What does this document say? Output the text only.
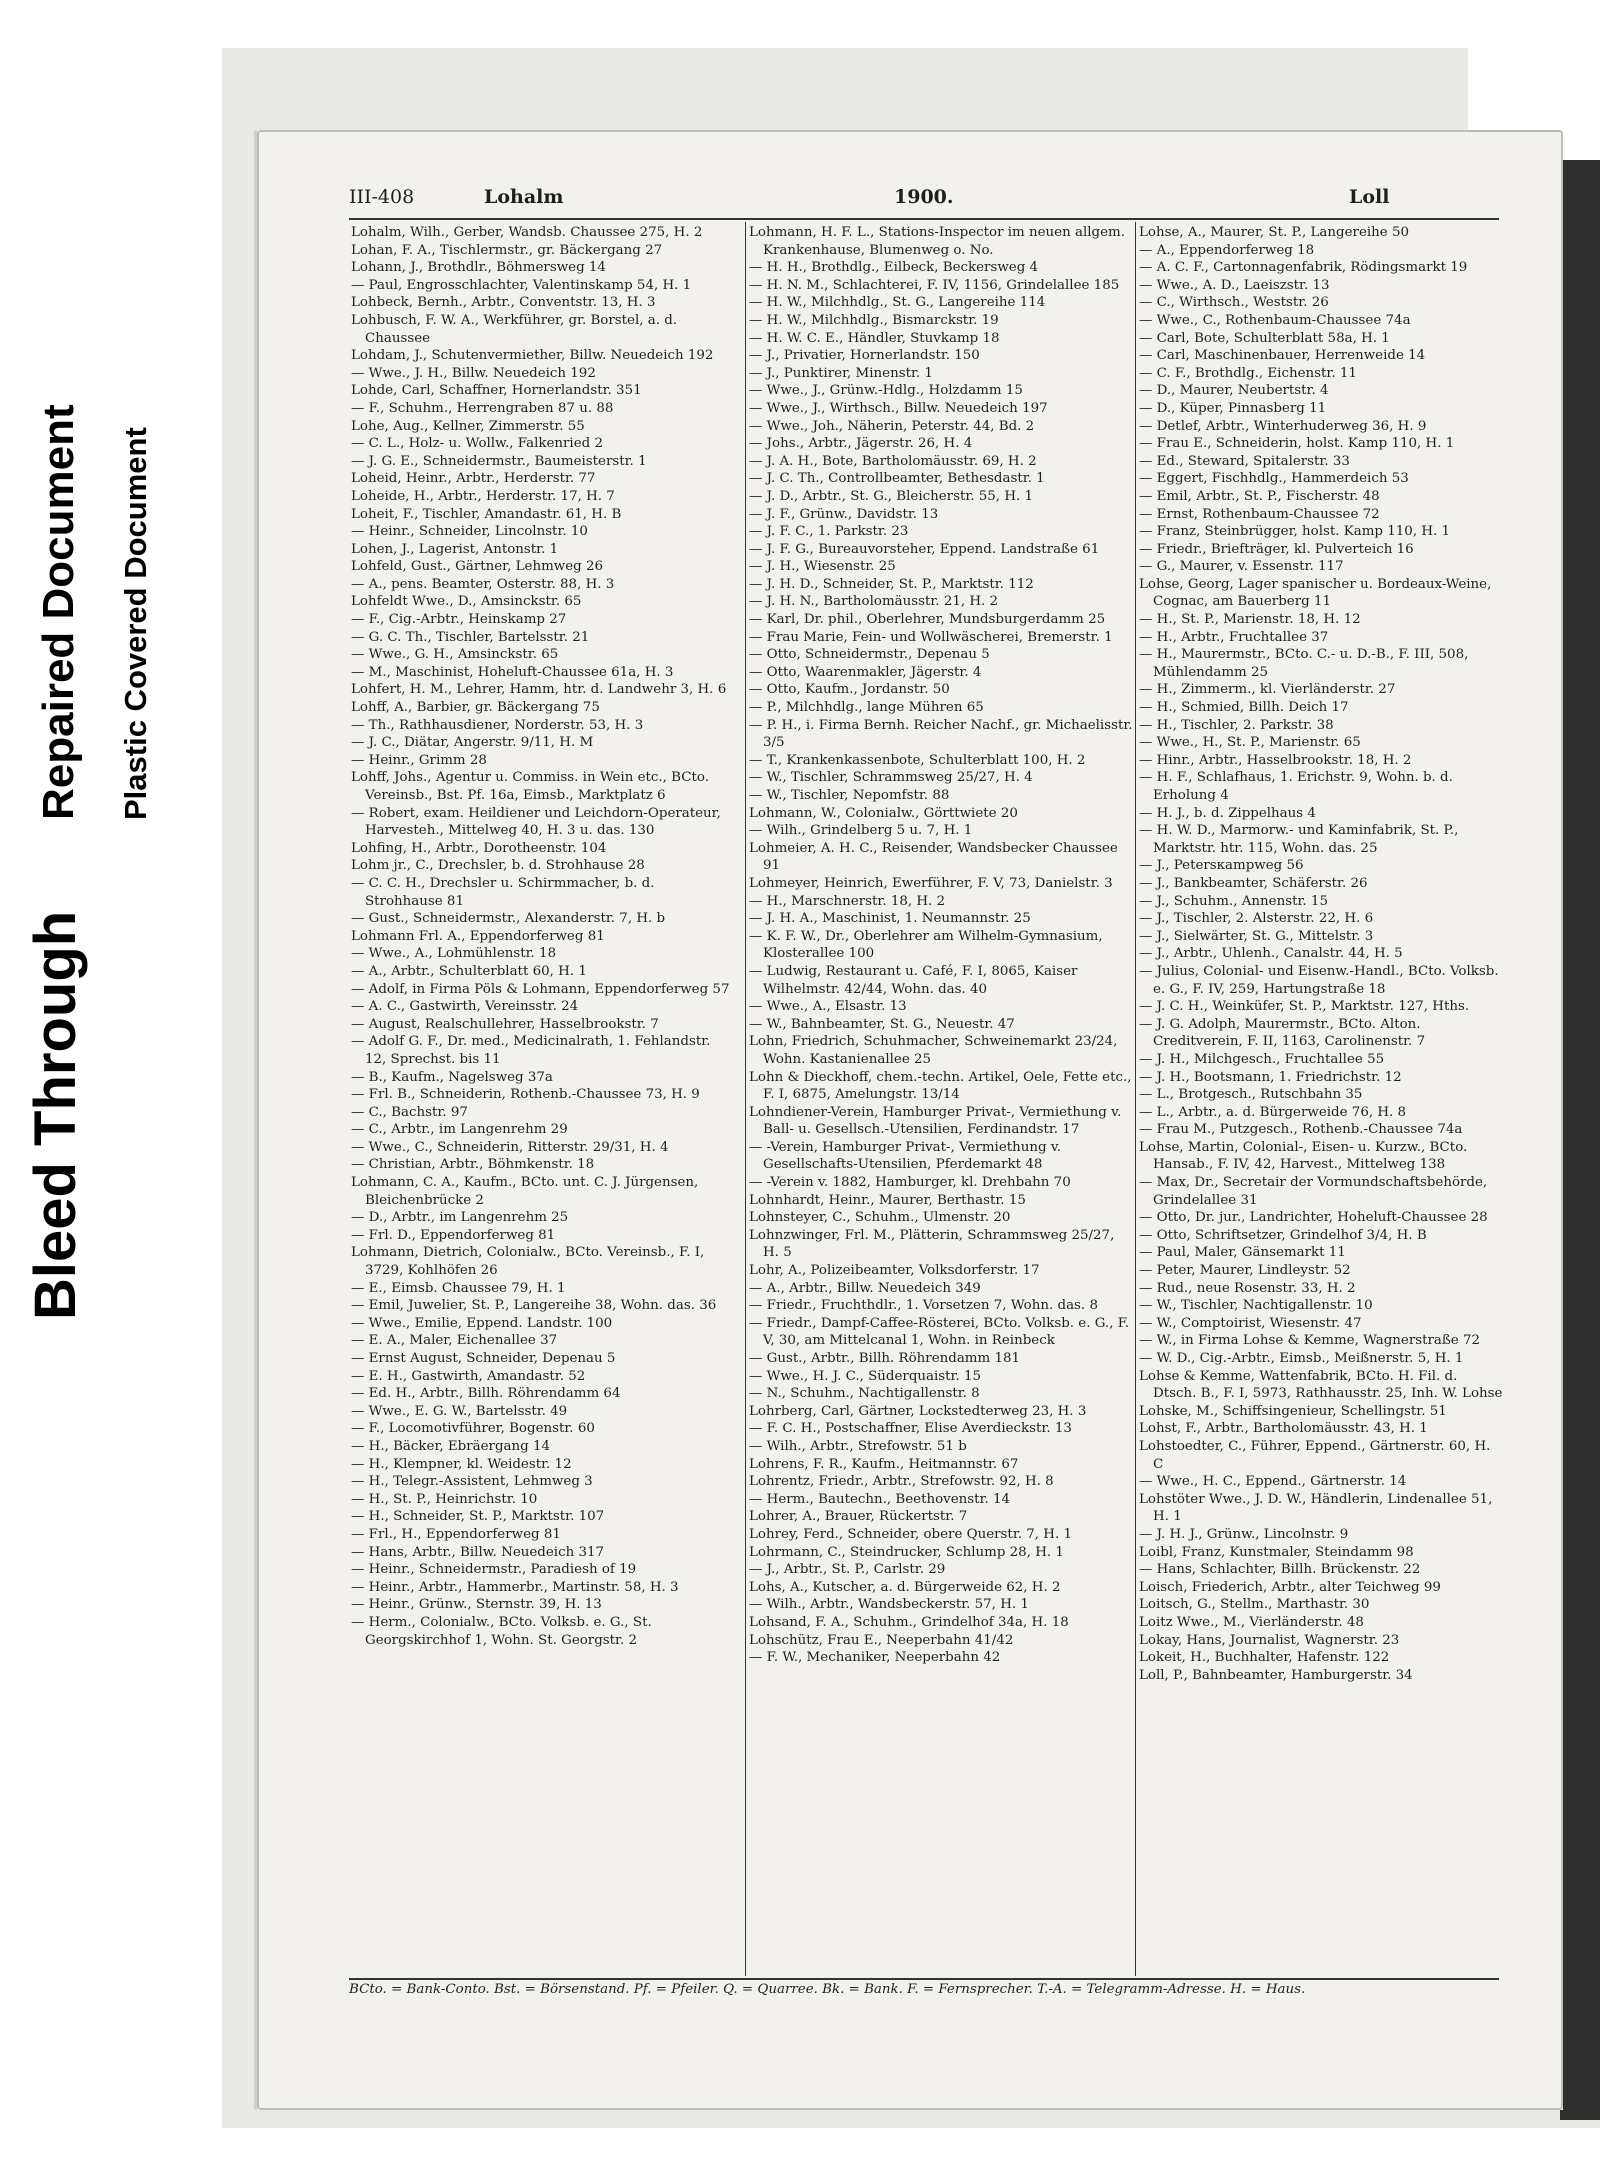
Bleed Through
Repaired Document Plastic Covered Document
III-408	Lohalm	1900.	Loll
Lohalm, Wilh., Gerber, Wandsb. Chaussee 275, H. 2
Lohan, F. A., Tischlermstr., gr. Bäckergang 27
Lohann, J., Brothdlr., Böhmersweg 14
— Paul, Engrosschlachter, Valentinskamp 54, H. 1
Lohbeck, Bernh., Arbtr., Conventstr. 13, H. 3
Lohbusch, F. W. A., Werkführer, gr. Borstel, a. d. Chaussee
Lohdam, J., Schutenvermiether, Billw. Neuedeich 192
— Wwe., J. H., Billw. Neuedeich 192
Lohde, Carl, Schaffner, Hornerlandstr. 351
— F., Schuhm., Herrengraben 87 u. 88
Lohe, Aug., Kellner, Zimmerstr. 55
— C. L., Holz- u. Wollw., Falkenried 2
— J. G. E., Schneidermstr., Baumeisterstr. 1
Loheid, Heinr., Arbtr., Herderstr. 77
Loheide, H., Arbtr., Herderstr. 17, H. 7
Loheit, F., Tischler, Amandastr. 61, H. B
— Heinr., Schneider, Lincolnstr. 10
Lohen, J., Lagerist, Antonstr. 1
Lohfeld, Gust., Gärtner, Lehmweg 26
— A., pens. Beamter, Osterstr. 88, H. 3
Lohfeldt Wwe., D., Amsinckstr. 65
— F., Cig.-Arbtr., Heinskamp 27
— G. C. Th., Tischler, Bartelsstr. 21
— Wwe., G. H., Amsinckstr. 65
— M., Maschinist, Hoheluft-Chaussee 61a, H. 3
Lohfert, H. M., Lehrer, Hamm, htr. d. Landwehr 3, H. 6
Lohff, A., Barbier, gr. Bäckergang 75
— Th., Rathhausdiener, Norderstr. 53, H. 3
— J. C., Diätar, Angerstr. 9/11, H. M
— Heinr., Grimm 28
Lohff, Johs., Agentur u. Commiss. in Wein etc., BCto. Vereinsb., Bst. Pf. 16a, Eimsb., Marktplatz 6
— Robert, exam. Heildiener und Leichdorn-Operateur, Harvestеh., Mittelweg 40, H. 3 u. das. 130
Lohfing, H., Arbtr., Dorotheenstr. 104
Lohm jr., C., Drechsler, b. d. Strohhause 28
— C. C. H., Drechsler u. Schirmmacher, b. d. Strohhause 81
— Gust., Schneidermstr., Alexanderstr. 7, H. b
Lohmann Frl. A., Eppendorferweg 81
— Wwe., A., Lohmühlenstr. 18
— A., Arbtr., Schulterblatt 60, H. 1
— Adolf, in Firma Pöls & Lohmann, Eppendorferweg 57
— A. C., Gastwirth, Vereinsstr. 24
— August, Realschullehrer, Hasselbrookstr. 7
— Adolf G. F., Dr. med., Medicinalrath, 1. Fehlandstr. 12, Sprechst. bis 11
— B., Kaufm., Nagelsweg 37a
— Frl. B., Schneiderin, Rothenb.-Chaussee 73, H. 9
— C., Bachstr. 97
— C., Arbtr., im Langenrehm 29
— Wwe., C., Schneiderin, Ritterstr. 29/31, H. 4
— Christian, Arbtr., Böhmkenstr. 18
Lohmann, C. A., Kaufm., BCto. unt. C. J. Jürgensen, Bleichenbrücke 2
— D., Arbtr., im Langenrehm 25
— Frl. D., Eppendorferweg 81
Lohmann, Dietrich, Colonialw., BCto. Vereinsb., F. I, 3729, Kohlhöfen 26
— E., Eimsb. Chaussee 79, H. 1
— Emil, Juwelier, St. P., Langereihe 38, Wohn. das. 36
— Wwe., Emilie, Eppend. Landstr. 100
— E. A., Maler, Eichenallee 37
— Ernst August, Schneider, Depenau 5
— E. H., Gastwirth, Amandastr. 52
— Ed. H., Arbtr., Billh. Röhrendamm 64
— Wwe., E. G. W., Bartelsstr. 49
— F., Locomotivführer, Bogenstr. 60
— H., Bäcker, Ebräergang 14
— H., Klempner, kl. Weidestr. 12
— H., Telegr.-Assistent, Lehmweg 3
— H., St. P., Heinrichstr. 10
— H., Schneider, St. P., Marktstr. 107
— Frl., H., Eppendorferweg 81
— Hans, Arbtr., Billw. Neuedeich 317
— Heinr., Schneidermstr., Paradiesh of 19
— Heinr., Arbtr., Hammerbr., Martinstr. 58, H. 3
— Heinr., Grünw., Sternstr. 39, H. 13
— Herm., Colonialw., BCto. Volksb. e. G., St. Georgskirchhof 1, Wohn. St. Georgstr. 2
Lohmann, H. F. L., Stations-Inspector im neuen allgem. Krankenhause, Blumenweg o. No.
— H. H., Brothdlg., Eilbeck, Beckersweg 4
— H. N. M., Schlachterei, F. IV, 1156, Grindelallee 185
— H. W., Milchhdlg., St. G., Langereihe 114
— H. W., Milchhdlg., Bismarckstr. 19
— H. W. C. E., Händler, Stuvkamp 18
— J., Privatier, Hornerlandstr. 150
— J., Punktirer, Minenstr. 1
— Wwe., J., Grünw.-Hdlg., Holzdamm 15
— Wwe., J., Wirthsch., Billw. Neuedeich 197
— Wwe., Joh., Näherin, Peterstr. 44, Bd. 2
— Johs., Arbtr., Jägerstr. 26, H. 4
— J. A. H., Bote, Bartholomäusstr. 69, H. 2
— J. C. Th., Controllbeamter, Bethesdastr. 1
— J. D., Arbtr., St. G., Bleicherstr. 55, H. 1
— J. F., Grünw., Davidstr. 13
— J. F. C., 1. Parkstr. 23
— J. F. G., Bureauvorsteher, Eppend. Landstraße 61
— J. H., Wiesenstr. 25
— J. H. D., Schneider, St. P., Marktstr. 112
— J. H. N., Bartholomäusstr. 21, H. 2
— Karl, Dr. phil., Oberlehrer, Mundsburgerdamm 25
— Frau Marie, Fein- und Wollwäscherei, Bremerstr. 1
— Otto, Schneidermstr., Depenau 5
— Otto, Waarenmakler, Jägerstr. 4
— Otto, Kaufm., Jordanstr. 50
— P., Milchhdlg., lange Mühren 65
— P. H., i. Firma Bernh. Reicher Nachf., gr. Michaelisstr. 3/5
— T., Krankenkassenbote, Schulterblatt 100, H. 2
— W., Tischler, Schrammsweg 25/27, H. 4
— W., Tischler, Nepomfstr. 88
Lohmann, W., Colonialw., Görttwiete 20
— Wilh., Grindelberg 5 u. 7, H. 1
Lohmeier, A. H. C., Reisender, Wandsbecker Chaussee 91
Lohmeyer, Heinrich, Ewerführer, F. V, 73, Danielstr. 3
— H., Marschnerstr. 18, H. 2
— J. H. A., Maschinist, 1. Neumannstr. 25
— K. F. W., Dr., Oberlehrer am Wilhelm-Gymnasium, Klosterallee 100
— Ludwig, Restaurant u. Café, F. I, 8065, Kaiser Wilhelmstr. 42/44, Wohn. das. 40
— Wwe., A., Elsastr. 13
— W., Bahnbeamter, St. G., Neuestr. 47
Lohn, Friedrich, Schuhmacher, Schweinemarkt 23/24, Wohn. Kastanienallee 25
Lohn & Dieckhoff, chem.-techn. Artikel, Oele, Fette etc., F. I, 6875, Amelungstr. 13/14
Lohndiener-Verein, Hamburger Privat-, Vermiethung v. Ball- u. Gesellsch.-Utensilien, Ferdinandstr. 17
— -Verein, Hamburger Privat-, Vermiethung v. Gesellschafts-Utensilien, Pferdemarkt 48
— -Verein v. 1882, Hamburger, kl. Drehbahn 70
Lohnhardt, Heinr., Maurer, Berthastr. 15
Lohnsteyer, C., Schuhm., Ulmenstr. 20
Lohnzwinger, Frl. M., Plätterin, Schrammsweg 25/27, H. 5
Lohr, A., Polizeibeamter, Volksdorferstr. 17
— A., Arbtr., Billw. Neuedeich 349
— Friedr., Fruchthdlr., 1. Vorsetzen 7, Wohn. das. 8
— Friedr., Dampf-Caffee-Rösterei, BCto. Volksb. e. G., F. V, 30, am Mittelcanal 1, Wohn. in Reinbeck
— Gust., Arbtr., Billh. Röhrendamm 181
— Wwe., H. J. C., Süderquaistr. 15
— N., Schuhm., Nachtigallenstr. 8
Lohrberg, Carl, Gärtner, Lockstedterweg 23, H. 3
— F. C. H., Postschaffner, Elise Averdieckstr. 13
— Wilh., Arbtr., Strefowstr. 51 b
Lohrens, F. R., Kaufm., Heitmannstr. 67
Lohrentz, Friedr., Arbtr., Strefowstr. 92, H. 8
— Herm., Bautechn., Beethovenstr. 14
Lohrer, A., Brauer, Rückertstr. 7
Lohrey, Ferd., Schneider, obere Querstr. 7, H. 1
Lohrmann, C., Steindrucker, Schlump 28, H. 1
— J., Arbtr., St. P., Carlstr. 29
Lohs, A., Kutscher, a. d. Bürgerweide 62, H. 2
— Wilh., Arbtr., Wandsbeckerstr. 57, H. 1
Lohsand, F. A., Schuhm., Grindelhof 34a, H. 18
Lohschütz, Frau E., Neeperbahn 41/42
— F. W., Mechaniker, Neeperbahn 42
Lohse, A., Maurer, St. P., Langereihe 50
— A., Eppendorferweg 18
— A. C. F., Cartonnagenfabrik, Rödingsmarkt 19
— Wwe., A. D., Laeiszstr. 13
— C., Wirthsch., Weststr. 26
— Wwe., C., Rothenbaum-Chaussee 74a
— Carl, Bote, Schulterblatt 58a, H. 1
— Carl, Maschinenbauer, Herrenweide 14
— C. F., Brothdlg., Eichenstr. 11
— D., Maurer, Neubertstr. 4
— D., Küper, Pinnasberg 11
— Detlef, Arbtr., Winterhuderweg 36, H. 9
— Frau E., Schneiderin, holst. Kamp 110, H. 1
— Ed., Steward, Spitalerstr. 33
— Eggert, Fischhdlg., Hammerdeich 53
— Emil, Arbtr., St. P., Fischerstr. 48
— Ernst, Rothenbaum-Chaussee 72
— Franz, Steinbrügger, holst. Kamp 110, H. 1
— Friedr., Briefträger, kl. Pulverteich 16
— G., Maurer, v. Essenstr. 117
Lohse, Georg, Lager spanischer u. Bordeaux-Weine, Cognac, am Bauerberg 11
— H., St. P., Marienstr. 18, H. 12
— H., Arbtr., Fruchtallee 37
— H., Maurermstr., BCto. C.- u. D.-B., F. III, 508, Mühlendamm 25
— H., Zimmerm., kl. Vierländerstr. 27
— H., Schmied, Billh. Deich 17
— H., Tischler, 2. Parkstr. 38
— Wwe., H., St. P., Marienstr. 65
— Hinr., Arbtr., Hasselbrookstr. 18, H. 2
— H. F., Schlafhaus, 1. Erichstr. 9, Wohn. b. d. Erholung 4
— H. J., b. d. Zippelhaus 4
— H. W. D., Marmorw.- und Kaminfabrik, St. P., Marktstr. htr. 115, Wohn. das. 25
— J., Petersкampweg 56
— J., Bankbeamter, Schäferstr. 26
— J., Schuhm., Annenstr. 15
— J., Tischler, 2. Alsterstr. 22, H. 6
— J., Sielwärter, St. G., Mittelstr. 3
— J., Arbtr., Uhlenh., Canalstr. 44, H. 5
— Julius, Colonial- und Eisenw.-Handl., BCto. Volksb. e. G., F. IV, 259, Hartungstraße 18
— J. C. H., Weinküfer, St. P., Marktstr. 127, Hths.
— J. G. Adolph, Maurermstr., BCto. Alton. Creditverein, F. II, 1163, Carolinenstr. 7
— J. H., Milchgesch., Fruchtallee 55
— J. H., Bootsmann, 1. Friedrichstr. 12
— L., Brotgesch., Rutschbahn 35
— L., Arbtr., a. d. Bürgerweide 76, H. 8
— Frau M., Putzgesch., Rothenb.-Chaussee 74a
Lohse, Martin, Colonial-, Eisen- u. Kurzw., BCto. Hansab., F. IV, 42, Harvest., Mittelweg 138
— Max, Dr., Secretair der Vormundschaftsbehörde, Grindelallee 31
— Otto, Dr. jur., Landrichter, Hoheluft-Chaussee 28
— Otto, Schriftsetzer, Grindelhof 3/4, H. B
— Paul, Maler, Gänsemarkt 11
— Peter, Maurer, Lindleystr. 52
— Rud., neue Rosenstr. 33, H. 2
— W., Tischler, Nachtigallenstr. 10
— W., Comptoirist, Wiesenstr. 47
— W., in Firma Lohse & Kemme, Wagnerstraße 72
— W. D., Cig.-Arbtr., Eimsb., Meißnerstr. 5, H. 1
Lohse & Kemme, Wattenfabrik, BCto. H. Fil. d. Dtsch. B., F. I, 5973, Rathhausstr. 25, Inh. W. Lohse
Lohske, M., Schiffsingenieur, Schellingstr. 51
Lohst, F., Arbtr., Bartholomäusstr. 43, H. 1
Lohstoedter, C., Führer, Eppend., Gärtnerstr. 60, H. C
— Wwe., H. C., Eppend., Gärtnerstr. 14
Lohstöter Wwe., J. D. W., Händlerin, Lindenallee 51, H. 1
— J. H. J., Grünw., Lincolnstr. 9
Loibl, Franz, Kunstmaler, Steindamm 98
— Hans, Schlachter, Billh. Brückenstr. 22
Loisch, Friederich, Arbtr., alter Teichweg 99
Loitsch, G., Stellm., Marthastr. 30
Loitz Wwe., M., Vierländerstr. 48
Lokay, Hans, Journalist, Wagnerstr. 23
Lokeit, H., Buchhalter, Hafenstr. 122
Loll, P., Bahnbeamter, Hamburgerstr. 34
BCto. = Bank-Conto. Bst. = Börsenstand. Pf. = Pfeiler. Q. = Quarree. Bk. = Bank. F. = Fernsprecher. T.-A. = Telegramm-Adresse. H. = Haus.
